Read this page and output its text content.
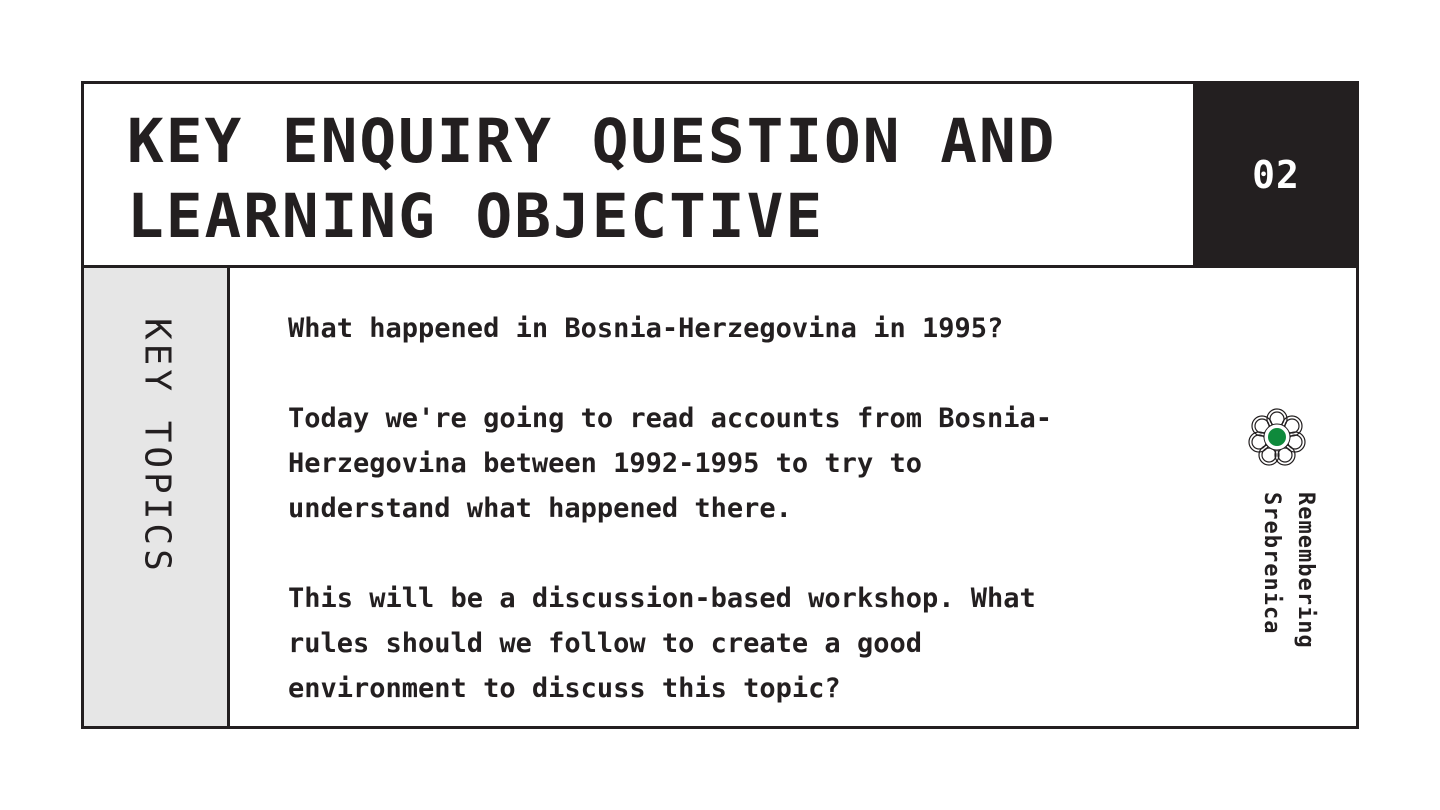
KEY ENQUIRY QUESTION AND
LEARNING OBJECTIVE
02
KEY TOPICS	What happened in Bosnia-Herzegovina in 1995?

Today we're going to read accounts from Bosnia-
Herzegovina between 1992-1995 to try to
understand what happened there.

This will be a discussion-based workshop. What
rules should we follow to create a good
environment to discuss this topic?

Remembering
Srebrenica
